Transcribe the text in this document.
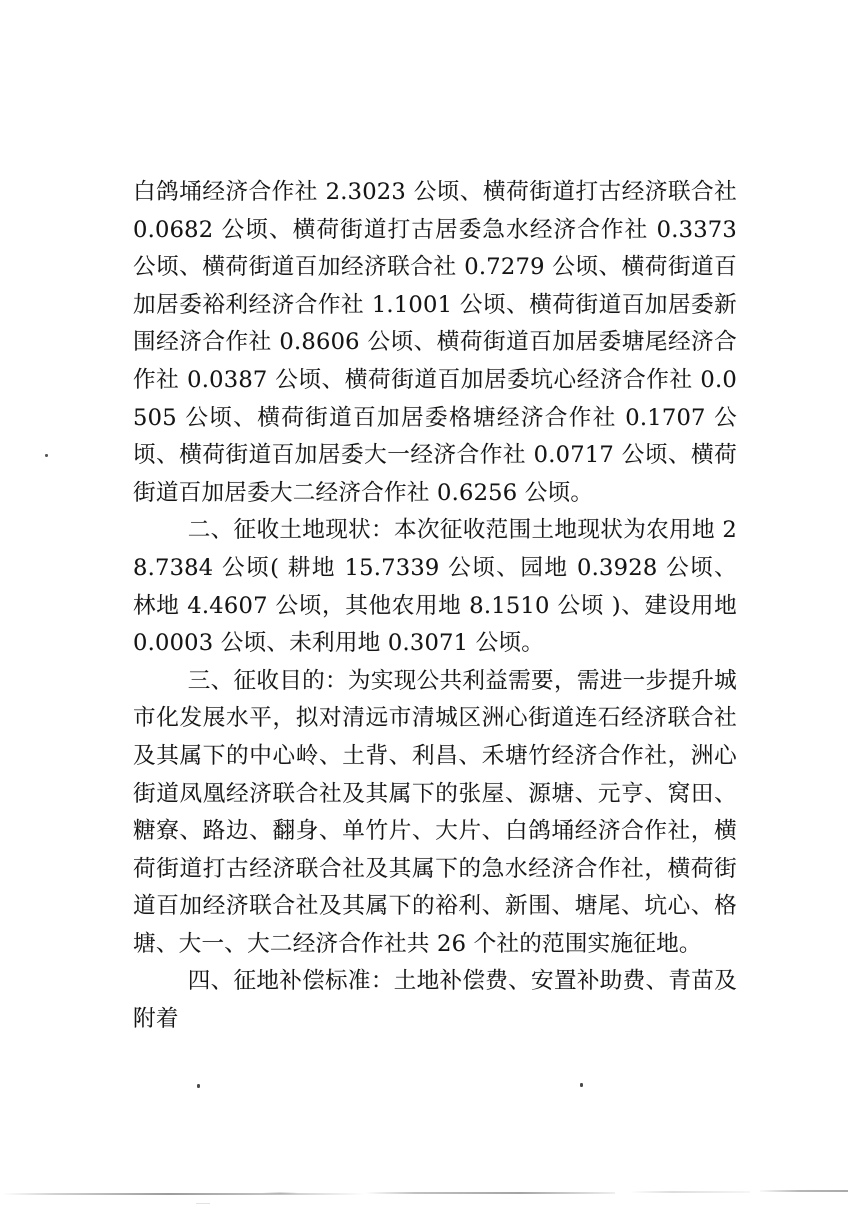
白鸽埇经济合作社 2.3023 公顷、横荷街道打古经济联合社 0.0682 公顷、横荷街道打古居委急水经济合作社 0.3373 公顷、横荷街道百加经济联合社 0.7279 公顷、横荷街道百加居委裕利经济合作社 1.1001 公顷、横荷街道百加居委新围经济合作社 0.8606 公顷、横荷街道百加居委塘尾经济合作社 0.0387 公顷、横荷街道百加居委坑心经济合作社 0.0505 公顷、横荷街道百加居委格塘经济合作社 0.1707 公顷、横荷街道百加居委大一经济合作社 0.0717 公顷、横荷街道百加居委大二经济合作社 0.6256 公顷。

二、征收土地现状：本次征收范围土地现状为农用地 28.7384 公顷( 耕地 15.7339 公顷、园地 0.3928 公顷、林地 4.4607 公顷，其他农用地 8.1510 公顷 )、建设用地 0.0003 公顷、未利用地 0.3071 公顷。

三、征收目的：为实现公共利益需要，需进一步提升城市化发展水平，拟对清远市清城区洲心街道连石经济联合社及其属下的中心岭、土背、利昌、禾塘竹经济合作社，洲心街道凤凰经济联合社及其属下的张屋、源塘、元亨、窝田、糖寮、路边、翻身、单竹片、大片、白鸽埇经济合作社，横荷街道打古经济联合社及其属下的急水经济合作社，横荷街道百加经济联合社及其属下的裕利、新围、塘尾、坑心、格塘、大一、大二经济合作社共 26 个社的范围实施征地。

四、征地补偿标准：土地补偿费、安置补助费、青苗及附着
